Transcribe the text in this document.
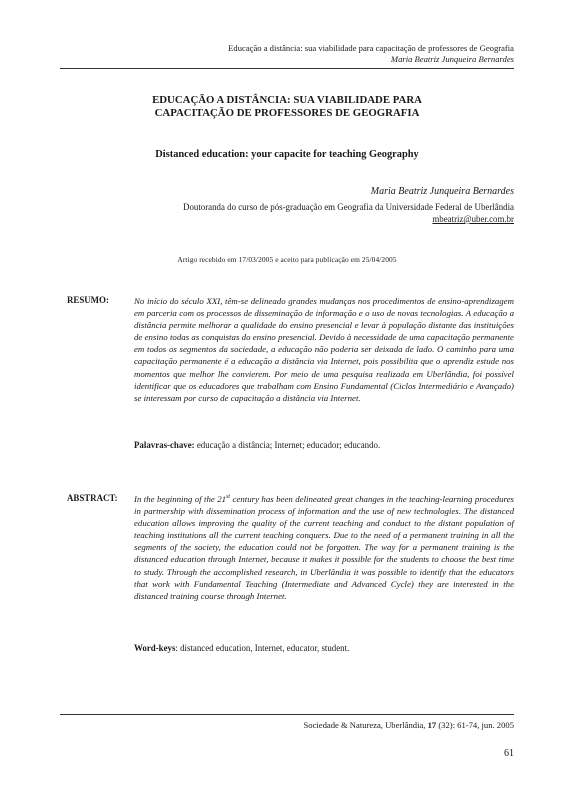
Educação a distância: sua viabilidade para capacitação de professores de Geografia
Maria Beatriz Junqueira Bernardes
EDUCAÇÃO A DISTÂNCIA: SUA VIABILIDADE PARA
CAPACITAÇÃO DE PROFESSORES DE GEOGRAFIA
Distanced education: your capacite for teaching Geography
Maria Beatriz Junqueira Bernardes
Doutoranda do curso de pós-graduação em Geografia da Universidade Federal de Uberlândia
mbeatriz@uber.com.br
Artigo recebido em 17/03/2005 e aceito para publicação em 25/04/2005
RESUMO:	No início do século XXI, têm-se delineado grandes mudanças nos procedimentos de ensino-aprendizagem em parceria com os processos de disseminação de informação e o uso de novas tecnologias. A educação a distância permite melhorar a qualidade do ensino presencial e levar à população distante das instituições de ensino todas as conquistas do ensino presencial. Devido à necessidade de uma capacitação permanente em todos os segmentos da sociedade, a educação não poderia ser deixada de lado. O caminho para uma capacitação permanente é a educação a distância via Internet, pois possibilita que o aprendiz estude nos momentos que melhor lhe convierem. Por meio de uma pesquisa realizada em Uberlândia, foi possível identificar que os educadores que trabalham com Ensino Fundamental (Ciclos Intermediário e Avançado) se interessam por curso de capacitação a distância via Internet.
Palavras-chave: educação a distância; Internet; educador; educando.
ABSTRACT: In the beginning of the 21st century has been delineated great changes in the teaching-learning procedures in partnership with dissemination process of information and the use of new technologies. The distanced education allows improving the quality of the current teaching and conduct to the distant population of teaching institutions all the current teaching conquers. Due to the need of a permanent training in all the segments of the society, the education could not be forgotten. The way for a permanent training is the distanced education through Internet, because it makes it possible for the students to choose the best time to study. Through the accomplished research, in Uberlândia it was possible to identify that the educators that work with Fundamental Teaching (Intermediate and Advanced Cycle) they are interested in the distanced training course through Internet.
Word-keys: distanced education, Internet, educator, student.
Sociedade & Natureza, Uberlândia, 17 (32): 61-74, jun. 2005
61
